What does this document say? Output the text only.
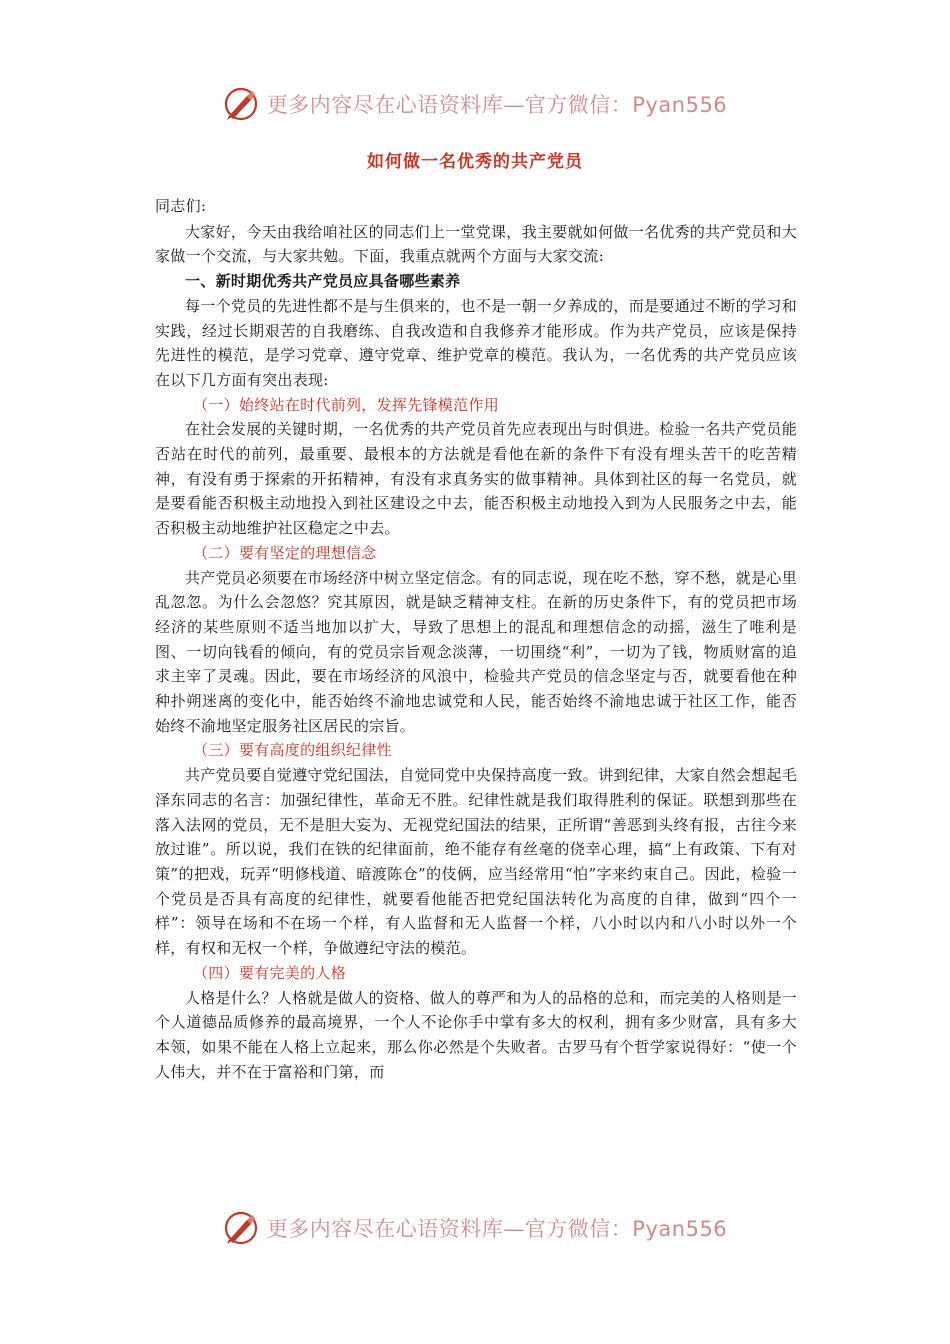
更多内容尽在心语资料库—官方微信：Pyan556
如何做一名优秀的共产党员

同志们:

大家好，今天由我给咱社区的同志们上一堂党课，我主要就如何做一名优秀的共产党员和大家做一个交流，与大家共勉。下面，我重点就两个方面与大家交流:

一、新时期优秀共产党员应具备哪些素养

每一个党员的先进性都不是与生俱来的，也不是一朝一夕养成的，而是要通过不断的学习和实践，经过长期艰苦的自我磨练、自我改造和自我修养才能形成。作为共产党员，应该是保持先进性的模范，是学习党章、遵守党章、维护党章的模范。我认为，一名优秀的共产党员应该在以下几方面有突出表现:

（一）始终站在时代前列，发挥先锋模范作用

在社会发展的关键时期，一名优秀的共产党员首先应表现出与时俱进。检验一名共产党员能否站在时代的前列，最重要、最根本的方法就是看他在新的条件下有没有埋头苦干的吃苦精神，有没有勇于探索的开拓精神，有没有求真务实的做事精神。具体到社区的每一名党员，就是要看能否积极主动地投入到社区建设之中去，能否积极主动地投入到为人民服务之中去，能否积极主动地维护社区稳定之中去。

（二）要有坚定的理想信念

共产党员必须要在市场经济中树立坚定信念。有的同志说，现在吃不愁，穿不愁，就是心里乱忽忽。为什么会忽悠？究其原因，就是缺乏精神支柱。在新的历史条件下，有的党员把市场经济的某些原则不适当地加以扩大，导致了思想上的混乱和理想信念的动摇，滋生了唯利是图、一切向钱看的倾向，有的党员宗旨观念淡薄，一切围绕“利”，一切为了钱，物质财富的追求主宰了灵魂。因此，要在市场经济的风浪中，检验共产党员的信念坚定与否，就要看他在种种扑朔迷离的变化中，能否始终不渝地忠诚党和人民，能否始终不渝地忠诚于社区工作，能否始终不渝地坚定服务社区居民的宗旨。

（三）要有高度的组织纪律性

共产党员要自觉遵守党纪国法，自觉同党中央保持高度一致。讲到纪律，大家自然会想起毛泽东同志的名言：加强纪律性，革命无不胜。纪律性就是我们取得胜利的保证。联想到那些在落入法网的党员，无不是胆大妄为、无视党纪国法的结果，正所谓“善恶到头终有报，古往今来放过谁”。所以说，我们在铁的纪律面前，绝不能存有丝毫的侥幸心理，搞“上有政策、下有对策”的把戏，玩弄“明修栈道、暗渡陈仓”的伎俩，应当经常用“怕”字来约束自己。因此，检验一个党员是否具有高度的纪律性，就要看他能否把党纪国法转化为高度的自律，做到“四个一样”：领导在场和不在场一个样，有人监督和无人监督一个样，八小时以内和八小时以外一个样，有权和无权一个样，争做遵纪守法的模范。

（四）要有完美的人格

人格是什么？人格就是做人的资格、做人的尊严和为人的品格的总和，而完美的人格则是一个人道德品质修养的最高境界，一个人不论你手中掌有多大的权利，拥有多少财富，具有多大本领，如果不能在人格上立起来，那么你必然是个失败者。古罗马有个哲学家说得好：“使一个人伟大，并不在于富裕和门第，而

更多内容尽在心语资料库—官方微信：Pyan556
